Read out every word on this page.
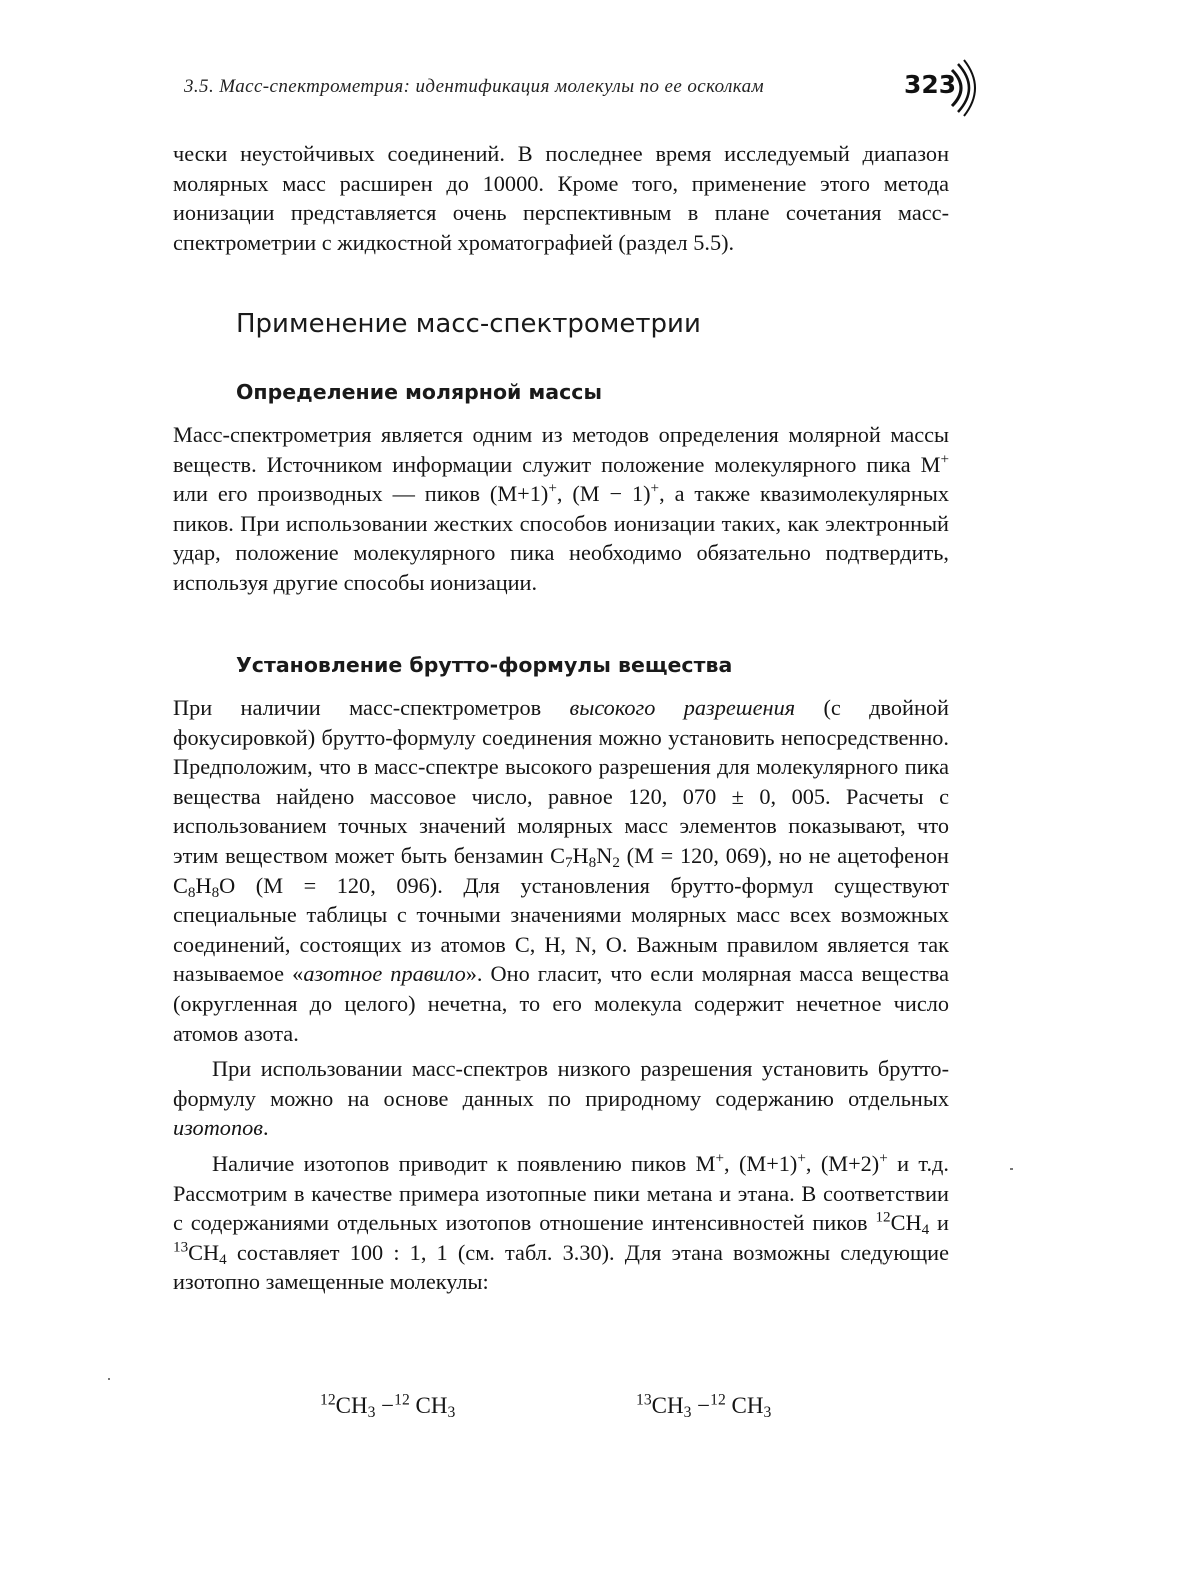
3.5. Масс-спектрометрия: идентификация молекулы по ее осколкам	323

чески неустойчивых соединений. В последнее время исследуемый диапазон молярных масс расширен до 10000. Кроме того, применение этого метода ионизации представляется очень перспективным в плане сочетания масс-спектрометрии с жидкостной хроматографией (раздел 5.5).

Применение масс-спектрометрии
Определение молярной массы

Масс-спектрометрия является одним из методов определения молярной массы веществ. Источником информации служит положение молекулярного пика M+ или его производных — пиков (M+1)+, (M − 1)+, а также квазимолекулярных пиков. При использовании жестких способов ионизации таких, как электронный удар, положение молекулярного пика необходимо обязательно подтвердить, используя другие способы ионизации.

Установление брутто-формулы вещества

При наличии масс-спектрометров высокого разрешения (с двойной фокусировкой) брутто-формулу соединения можно установить непосредственно. Предположим, что в масс-спектре высокого разрешения для молекулярного пика вещества найдено массовое число, равное 120, 070 ± 0, 005. Расчеты с использованием точных значений молярных масс элементов показывают, что этим веществом может быть бензамин $C_7H_8N_2$ (M = 120, 069), но не ацетофенон $C_8H_8O$ (M = 120, 096). Для установления брутто-формул существуют специальные таблицы с точными значениями молярных масс всех возможных соединений, состоящих из атомов C, H, N, O. Важным правилом является так называемое «азотное правило». Оно гласит, что если молярная масса вещества (округленная до целого) нечетна, то его молекула содержит нечетное число атомов азота.

При использовании масс-спектров низкого разрешения установить брутто-формулу можно на основе данных по природному содержанию отдельных изотопов.

Наличие изотопов приводит к появлению пиков M+, (M+1)+, (M+2)+ и т.д. Рассмотрим в качестве примера изотопные пики метана и этана. В соответствии с содержаниями отдельных изотопов отношение интенсивностей пиков $^{12}CH_4$ и $^{13}CH_4$ составляет 100 : 1, 1 (см. табл. 3.30). Для этана возможны следующие изотопно замещенные молекулы:

$^{12}CH_3 -^{12}$ $CH_3$
$^{13}CH_3 -^{12}$ $CH_3$
